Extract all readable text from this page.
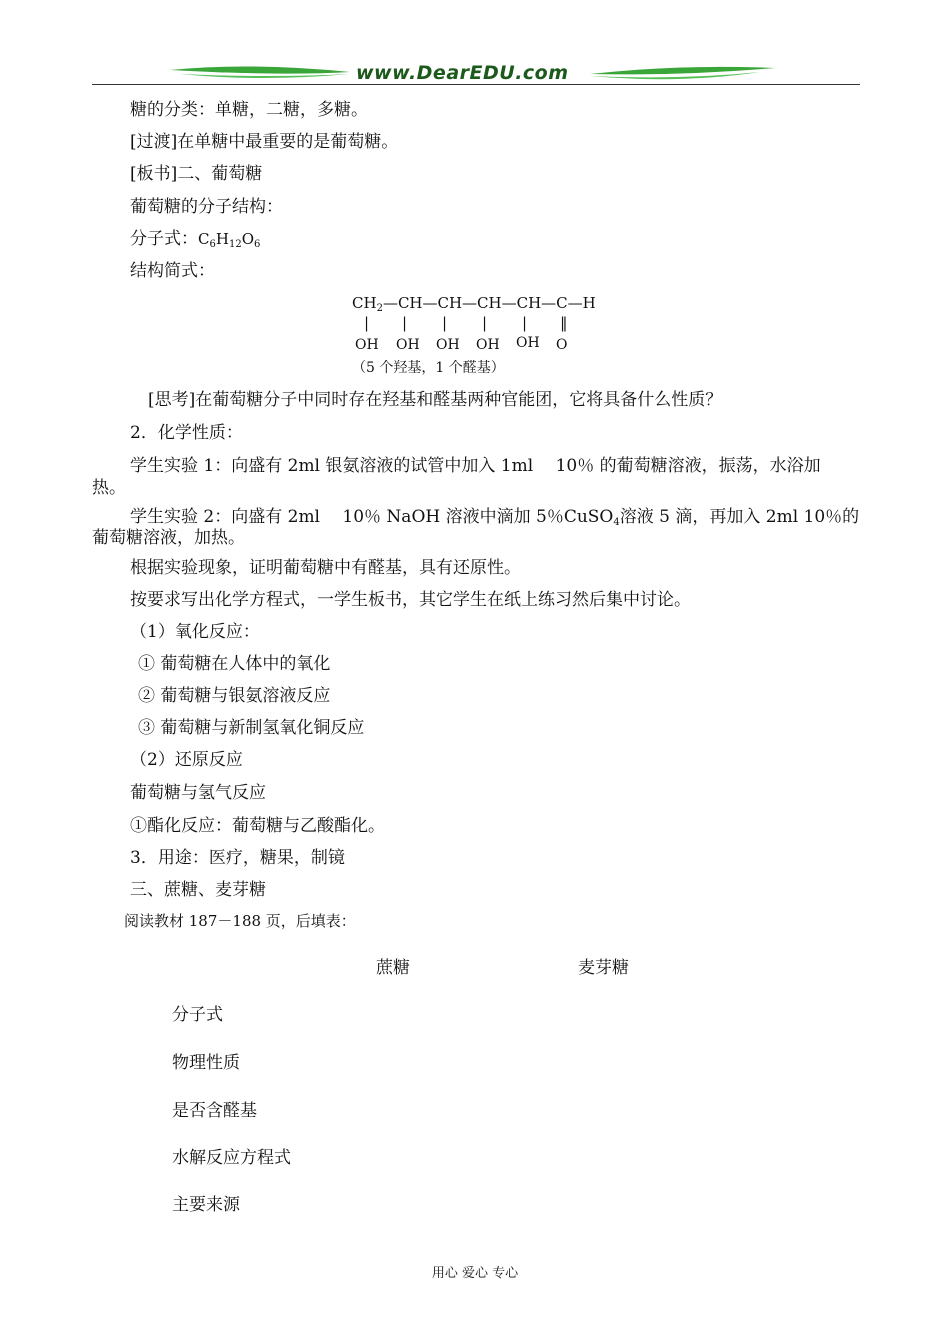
www.DearEDU.com
糖的分类：单糖，二糖，多糖。
[过渡]在单糖中最重要的是葡萄糖。
[板书]二、葡萄糖
葡萄糖的分子结构：
分子式：$C_6H_{12}O_6$
结构简式：
$CH_2—CH—CH—CH—CH—C—H$
| | | | | ‖
OH OH OH OH OH O
（5 个羟基，1 个醛基）
[思考]在葡萄糖分子中同时存在羟基和醛基两种官能团，它将具备什么性质？
2．化学性质：
学生实验 1：向盛有 2ml 银氨溶液的试管中加入 1ml　 10％ 的葡萄糖溶液，振荡，水浴加
热。
学生实验 2：向盛有 2ml　 10％ NaOH 溶液中滴加 5％CuSO$_4$溶液 5 滴，再加入 2ml 10％的
葡萄糖溶液，加热。
根据实验现象，证明葡萄糖中有醛基，具有还原性。
按要求写出化学方程式，一学生板书，其它学生在纸上练习然后集中讨论。
（1）氧化反应：
① 葡萄糖在人体中的氧化
② 葡萄糖与银氨溶液反应
③ 葡萄糖与新制氢氧化铜反应
（2）还原反应
葡萄糖与氢气反应
①酯化反应：葡萄糖与乙酸酯化。
3．用途：医疗，糖果，制镜
三、蔗糖、麦芽糖
阅读教材 187－188 页，后填表：
蔗糖	麦芽糖
分子式
物理性质
是否含醛基
水解反应方程式
主要来源
用心 爱心 专心
